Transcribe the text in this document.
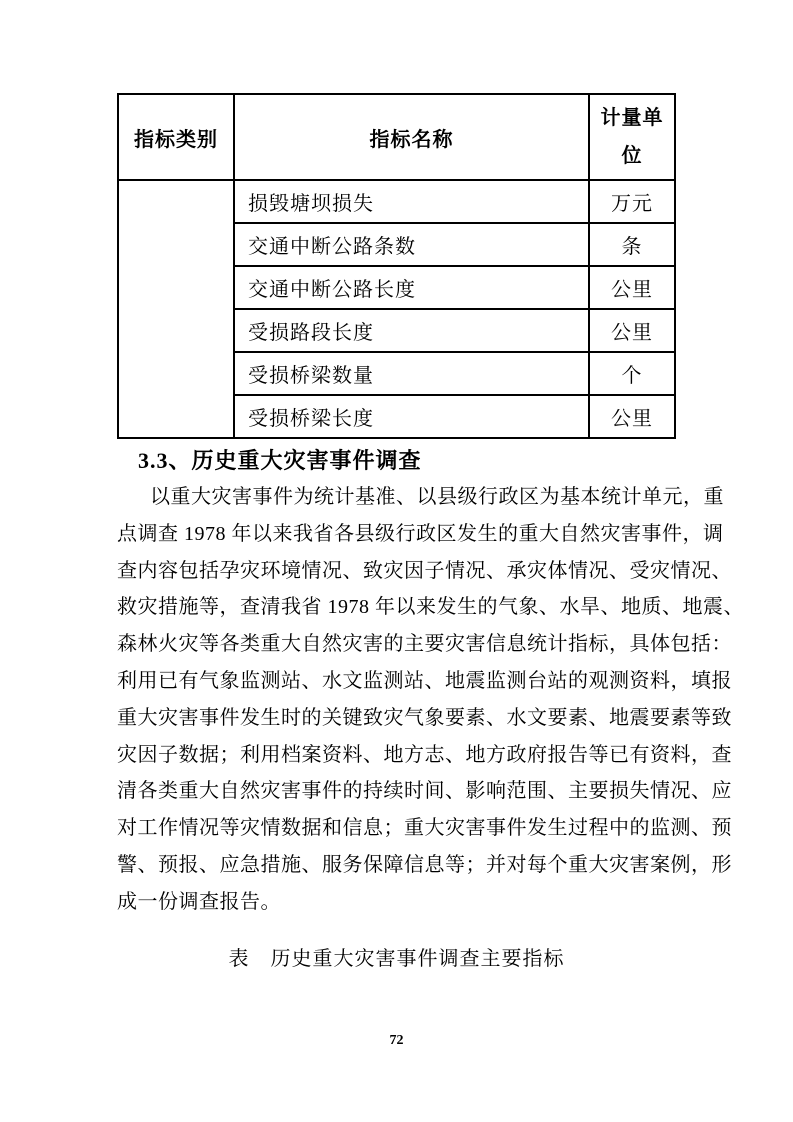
指标类别	指标名称	计量单
位

	损毁塘坝损失	万元
	交通中断公路条数	条
	交通中断公路长度	公里
	受损路段长度	公里
	受损桥梁数量	个
	受损桥梁长度	公里
3.3、历史重大灾害事件调查
以重大灾害事件为统计基准、以县级行政区为基本统计单元，重
点调查 1978 年以来我省各县级行政区发生的重大自然灾害事件，调
查内容包括孕灾环境情况、致灾因子情况、承灾体情况、受灾情况、
救灾措施等，查清我省 1978 年以来发生的气象、水旱、地质、地震、
森林火灾等各类重大自然灾害的主要灾害信息统计指标，具体包括：
利用已有气象监测站、水文监测站、地震监测台站的观测资料，填报
重大灾害事件发生时的关键致灾气象要素、水文要素、地震要素等致
灾因子数据；利用档案资料、地方志、地方政府报告等已有资料，查
清各类重大自然灾害事件的持续时间、影响范围、主要损失情况、应
对工作情况等灾情数据和信息；重大灾害事件发生过程中的监测、预
警、预报、应急措施、服务保障信息等；并对每个重大灾害案例，形
成一份调查报告。
表　历史重大灾害事件调查主要指标
72
